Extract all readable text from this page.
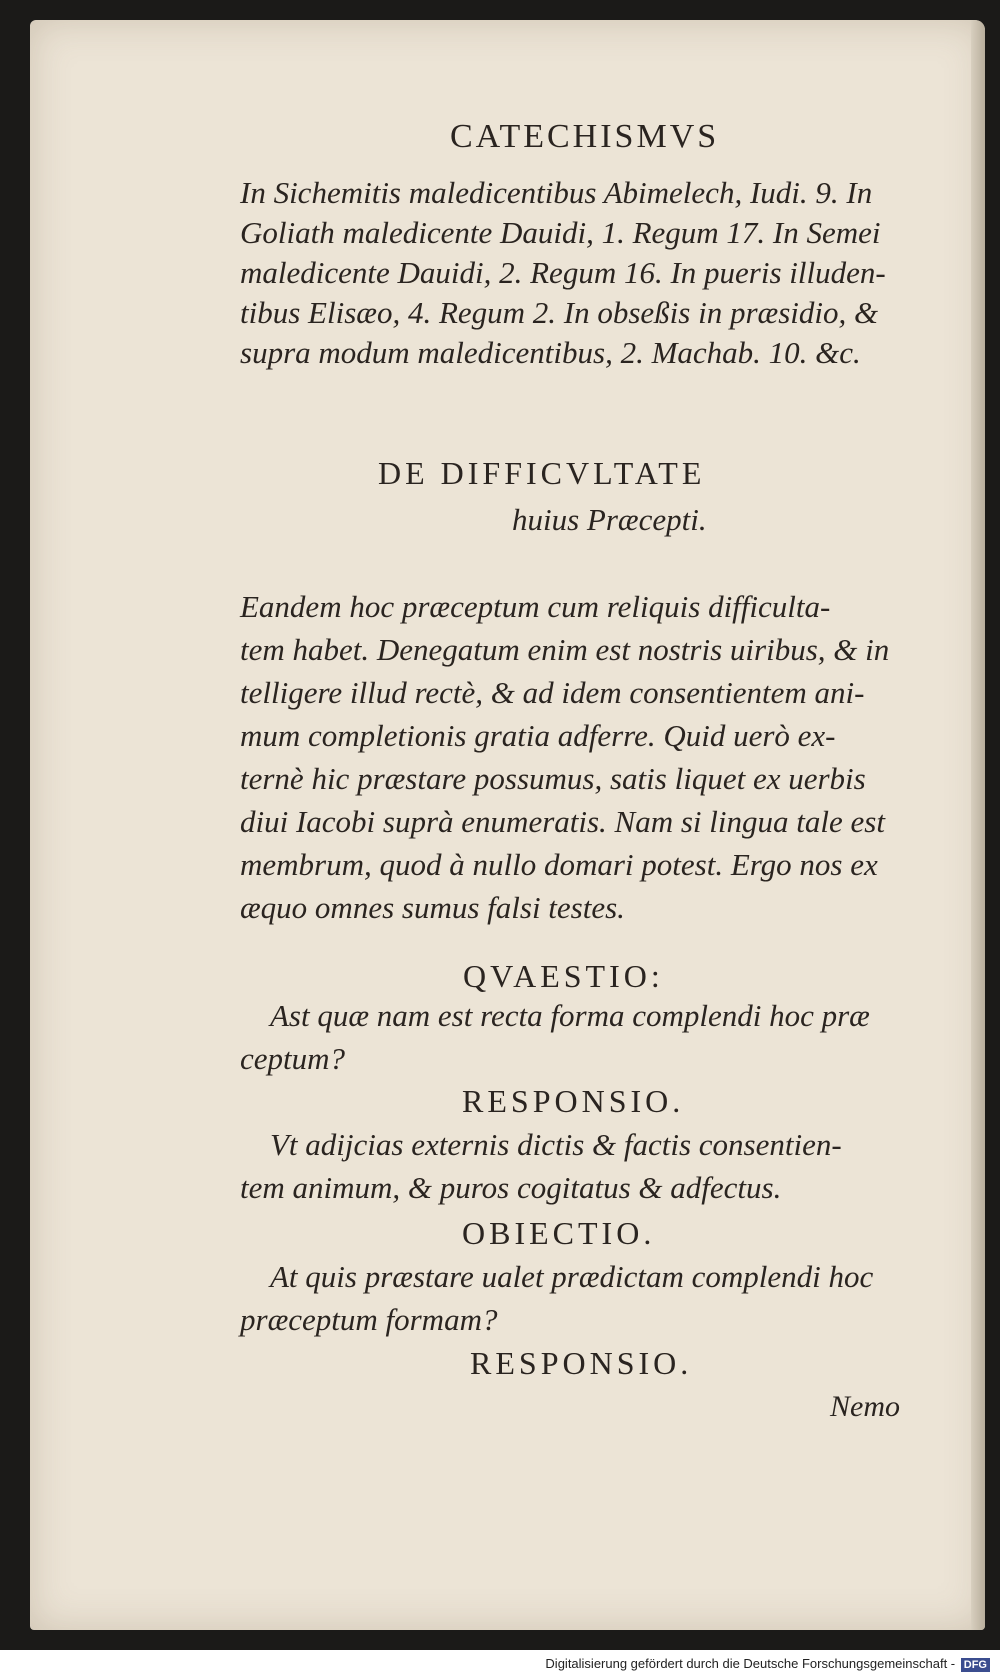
CATECHISMVS
In Sichemitis maledicentibus Abimelech, Iudi. 9. In
Goliath maledicente Dauidi, 1. Regum 17. In Semei
maledicente Dauidi, 2. Regum 16. In pueris illuden-
tibus Elisæo, 4. Regum 2. In obseßis in præsidio, &
supra modum maledicentibus, 2. Machab. 10. &c.
DE DIFFICVLTATE
huius Præcepti.
Eandem hoc præceptum cum reliquis difficulta-
tem habet. Denegatum enim est nostris uiribus, & in
telligere illud rectè, & ad idem consentientem ani-
mum completionis gratia adferre. Quid uerò ex-
ternè hic præstare possumus, satis liquet ex uerbis
diui Iacobi suprà enumeratis. Nam si lingua tale est
membrum, quod à nullo domari potest. Ergo nos ex
æquo omnes sumus falsi testes.
QVAESTIO:
Ast quæ nam est recta forma complendi hoc præ
ceptum?
RESPONSIO.
Vt adijcias externis dictis & factis consentien-
tem animum, & puros cogitatus & adfectus.
OBIECTIO.
At quis præstare ualet prædictam complendi hoc
præceptum formam?
RESPONSIO.
Nemo
Digitalisierung gefördert durch die Deutsche Forschungsgemeinschaft - DFG
